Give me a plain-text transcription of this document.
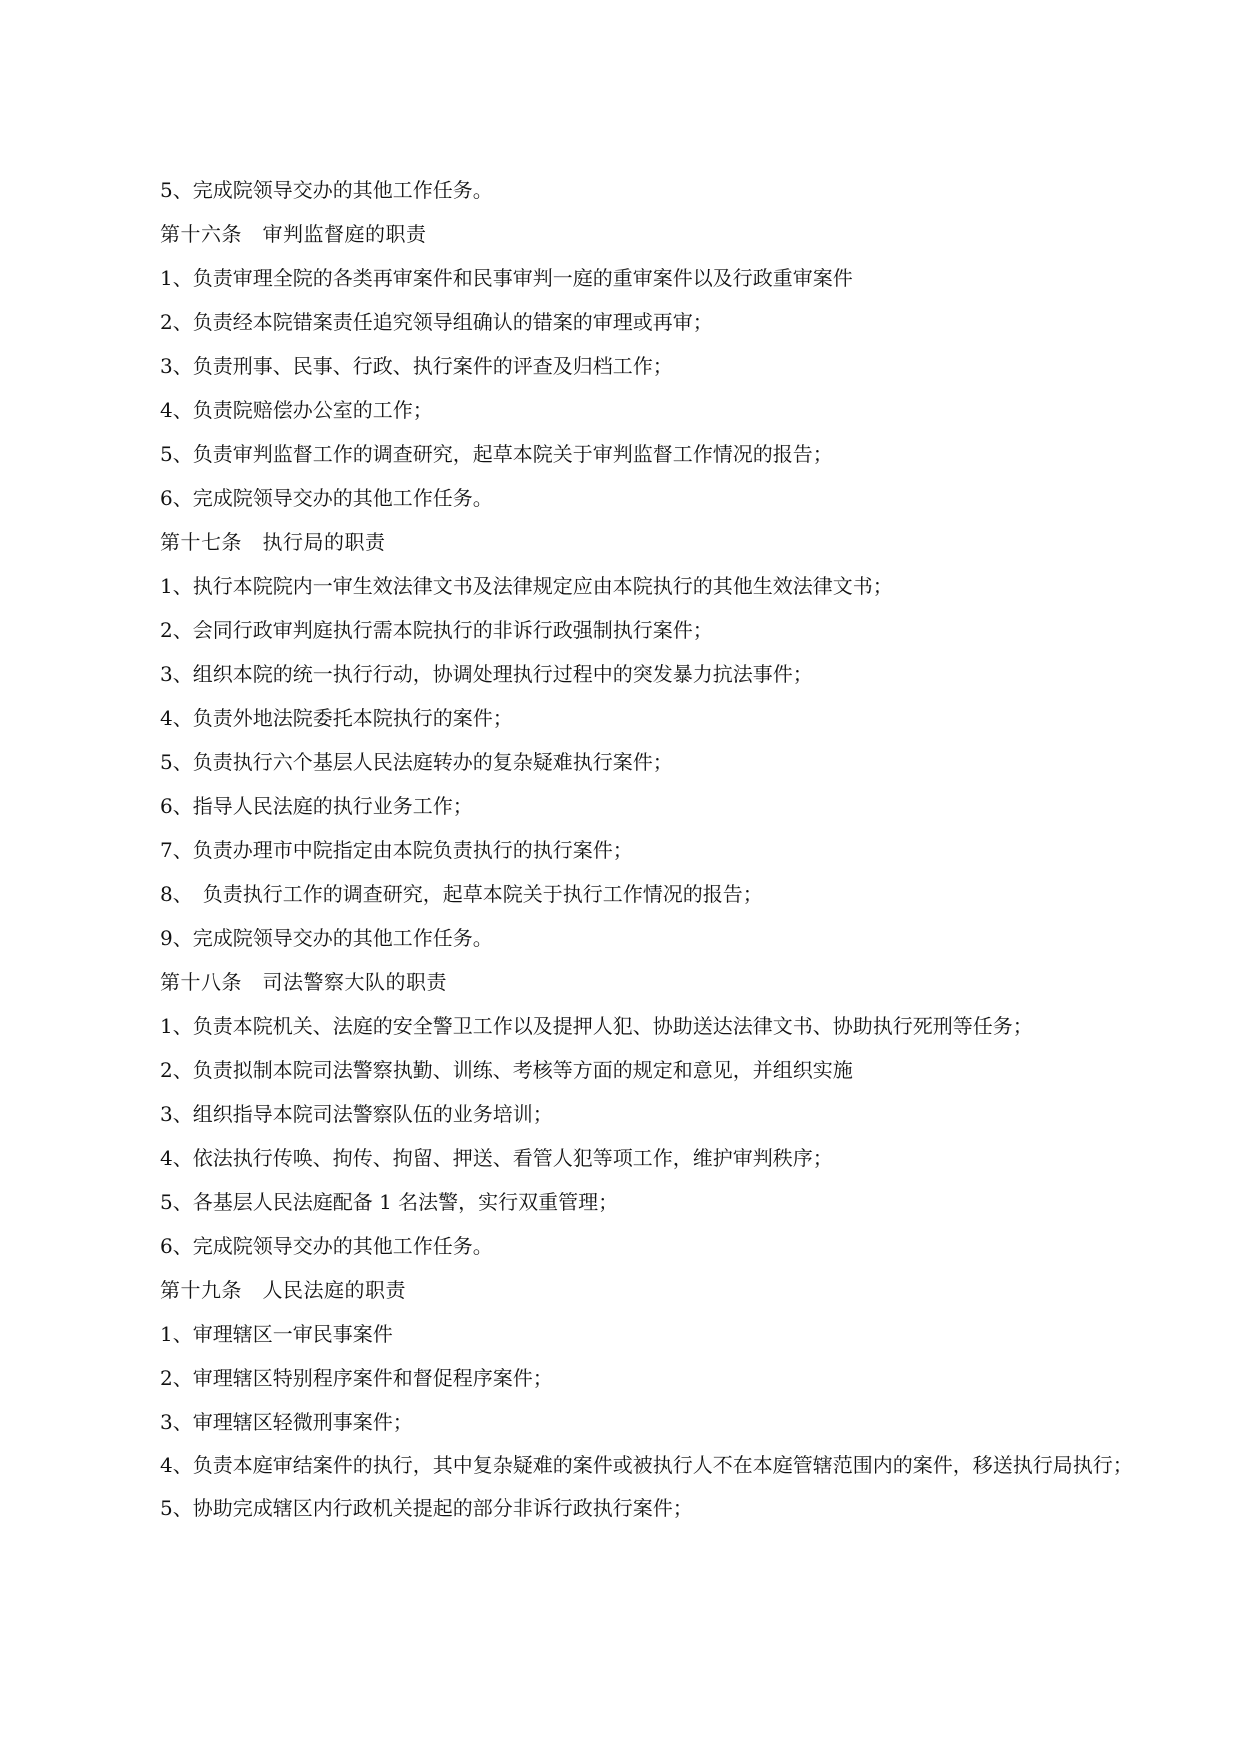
5、完成院领导交办的其他工作任务。
第十六条　审判监督庭的职责
1、负责审理全院的各类再审案件和民事审判一庭的重审案件以及行政重审案件
2、负责经本院错案责任追究领导组确认的错案的审理或再审；
3、负责刑事、民事、行政、执行案件的评查及归档工作；
4、负责院赔偿办公室的工作；
5、负责审判监督工作的调查研究，起草本院关于审判监督工作情况的报告；
6、完成院领导交办的其他工作任务。
第十七条　执行局的职责
1、执行本院院内一审生效法律文书及法律规定应由本院执行的其他生效法律文书；
2、会同行政审判庭执行需本院执行的非诉行政强制执行案件；
3、组织本院的统一执行行动，协调处理执行过程中的突发暴力抗法事件；
4、负责外地法院委托本院执行的案件；
5、负责执行六个基层人民法庭转办的复杂疑难执行案件；
6、指导人民法庭的执行业务工作；
7、负责办理市中院指定由本院负责执行的执行案件；
8、　负责执行工作的调查研究，起草本院关于执行工作情况的报告；
9、完成院领导交办的其他工作任务。
第十八条　司法警察大队的职责
1、负责本院机关、法庭的安全警卫工作以及提押人犯、协助送达法律文书、协助执行死刑等任务；
2、负责拟制本院司法警察执勤、训练、考核等方面的规定和意见，并组织实施
3、组织指导本院司法警察队伍的业务培训；
4、依法执行传唤、拘传、拘留、押送、看管人犯等项工作，维护审判秩序；
5、各基层人民法庭配备 1 名法警，实行双重管理；
6、完成院领导交办的其他工作任务。
第十九条　人民法庭的职责
1、审理辖区一审民事案件
2、审理辖区特别程序案件和督促程序案件；
3、审理辖区轻微刑事案件；
4、负责本庭审结案件的执行，其中复杂疑难的案件或被执行人不在本庭管辖范围内的案件，移送执行局执行；
5、协助完成辖区内行政机关提起的部分非诉行政执行案件；
